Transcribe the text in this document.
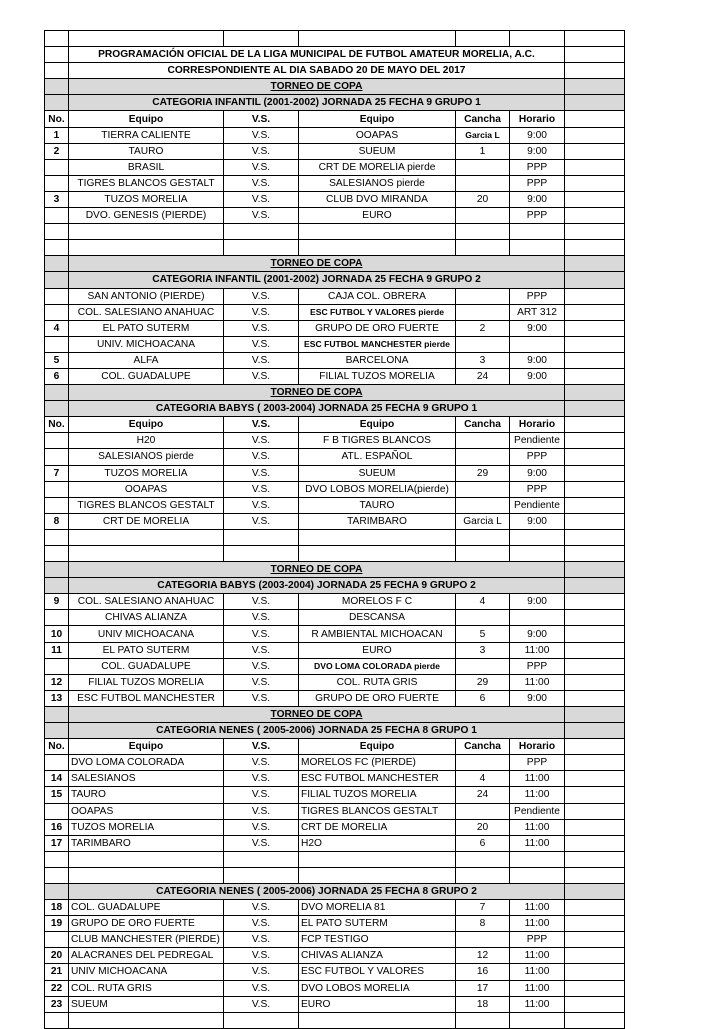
	PROGRAMACIÓN OFICIAL DE LA LIGA MUNICIPAL DE FUTBOL AMATEUR MORELIA, A.C.					
	CORRESPONDIENTE AL DIA SABADO 20 DE MAYO DEL 2017					
	TORNEO DE COPA					
	CATEGORIA INFANTIL (2001-2002) JORNADA 25 FECHA 9 GRUPO 1					
No.	Equipo	V.S.	Equipo	Cancha	Horario	
1	TIERRA CALIENTE	V.S.	OOAPAS	Garcia L	9:00	
2	TAURO	V.S.	SUEUM	1	9:00	
	BRASIL	V.S.	CRT DE MORELIA pierde		PPP	
	TIGRES BLANCOS GESTALT	V.S.	SALESIANOS pierde		PPP	
3	TUZOS MORELIA	V.S.	CLUB DVO MIRANDA	20	9:00	
	DVO. GENESIS (PIERDE)	V.S.	EURO		PPP	

	TORNEO DE COPA					
	CATEGORIA INFANTIL (2001-2002) JORNADA 25 FECHA 9 GRUPO 2					
	SAN ANTONIO (PIERDE)	V.S.	CAJA COL. OBRERA		PPP	
	COL. SALESIANO ANAHUAC	V.S.	ESC FUTBOL Y VALORES pierde		ART 312	
4	EL PATO SUTERM	V.S.	GRUPO DE ORO FUERTE	2	9:00	
	UNIV. MICHOACANA	V.S.	ESC FUTBOL MANCHESTER pierde			
5	ALFA	V.S.	BARCELONA	3	9:00	
6	COL. GUADALUPE	V.S.	FILIAL TUZOS MORELIA	24	9:00	
	TORNEO DE COPA					
	CATEGORIA BABYS ( 2003-2004) JORNADA 25 FECHA 9 GRUPO 1					
No.	Equipo	V.S.	Equipo	Cancha	Horario	
	H20	V.S.	F B TIGRES BLANCOS		Pendiente	
	SALESIANOS pierde	V.S.	ATL. ESPAÑOL		PPP	
7	TUZOS MORELIA	V.S.	SUEUM	29	9:00	
	OOAPAS	V.S.	DVO LOBOS MORELIA(pierde)		PPP	
	TIGRES BLANCOS GESTALT	V.S.	TAURO		Pendiente	
8	CRT DE MORELIA	V.S.	TARIMBARO	Garcia L	9:00	

	TORNEO DE COPA					
	CATEGORIA BABYS (2003-2004) JORNADA 25 FECHA 9 GRUPO 2					
9	COL. SALESIANO ANAHUAC	V.S.	MORELOS F C	4	9:00	
	CHIVAS ALIANZA	V.S.	DESCANSA			
10	UNIV MICHOACANA	V.S.	R AMBIENTAL MICHOACAN	5	9:00	
11	EL PATO SUTERM	V.S.	EURO	3	11:00	
	COL. GUADALUPE	V.S.	DVO LOMA COLORADA pierde		PPP	
12	FILIAL TUZOS MORELIA	V.S.	COL. RUTA GRIS	29	11:00	
13	ESC FUTBOL MANCHESTER	V.S.	GRUPO DE ORO FUERTE	6	9:00	
	TORNEO DE COPA					
	CATEGORIA NENES ( 2005-2006) JORNADA 25 FECHA 8 GRUPO 1					
No.	Equipo	V.S.	Equipo	Cancha	Horario	
	DVO LOMA COLORADA	V.S.	MORELOS FC (PIERDE)		PPP	
14	SALESIANOS	V.S.	ESC FUTBOL MANCHESTER	4	11:00	
15	TAURO	V.S.	FILIAL TUZOS MORELIA	24	11:00	
	OOAPAS	V.S.	TIGRES BLANCOS GESTALT		Pendiente	
16	TUZOS MORELIA	V.S.	CRT DE MORELIA	20	11:00	
17	TARIMBARO	V.S.	H2O	6	11:00	

	CATEGORIA NENES ( 2005-2006) JORNADA 25 FECHA 8 GRUPO 2					
18	COL. GUADALUPE	V.S.	DVO MORELIA 81	7	11:00	
19	GRUPO DE ORO FUERTE	V.S.	EL PATO SUTERM	8	11:00	
	CLUB MANCHESTER (PIERDE)	V.S.	FCP TESTIGO		PPP	
20	ALACRANES DEL PEDREGAL	V.S.	CHIVAS ALIANZA	12	11:00	
21	UNIV MICHOACANA	V.S.	ESC FUTBOL Y VALORES	16	11:00	
22	COL. RUTA GRIS	V.S.	DVO LOBOS MORELIA	17	11:00	
23	SUEUM	V.S.	EURO	18	11:00	
